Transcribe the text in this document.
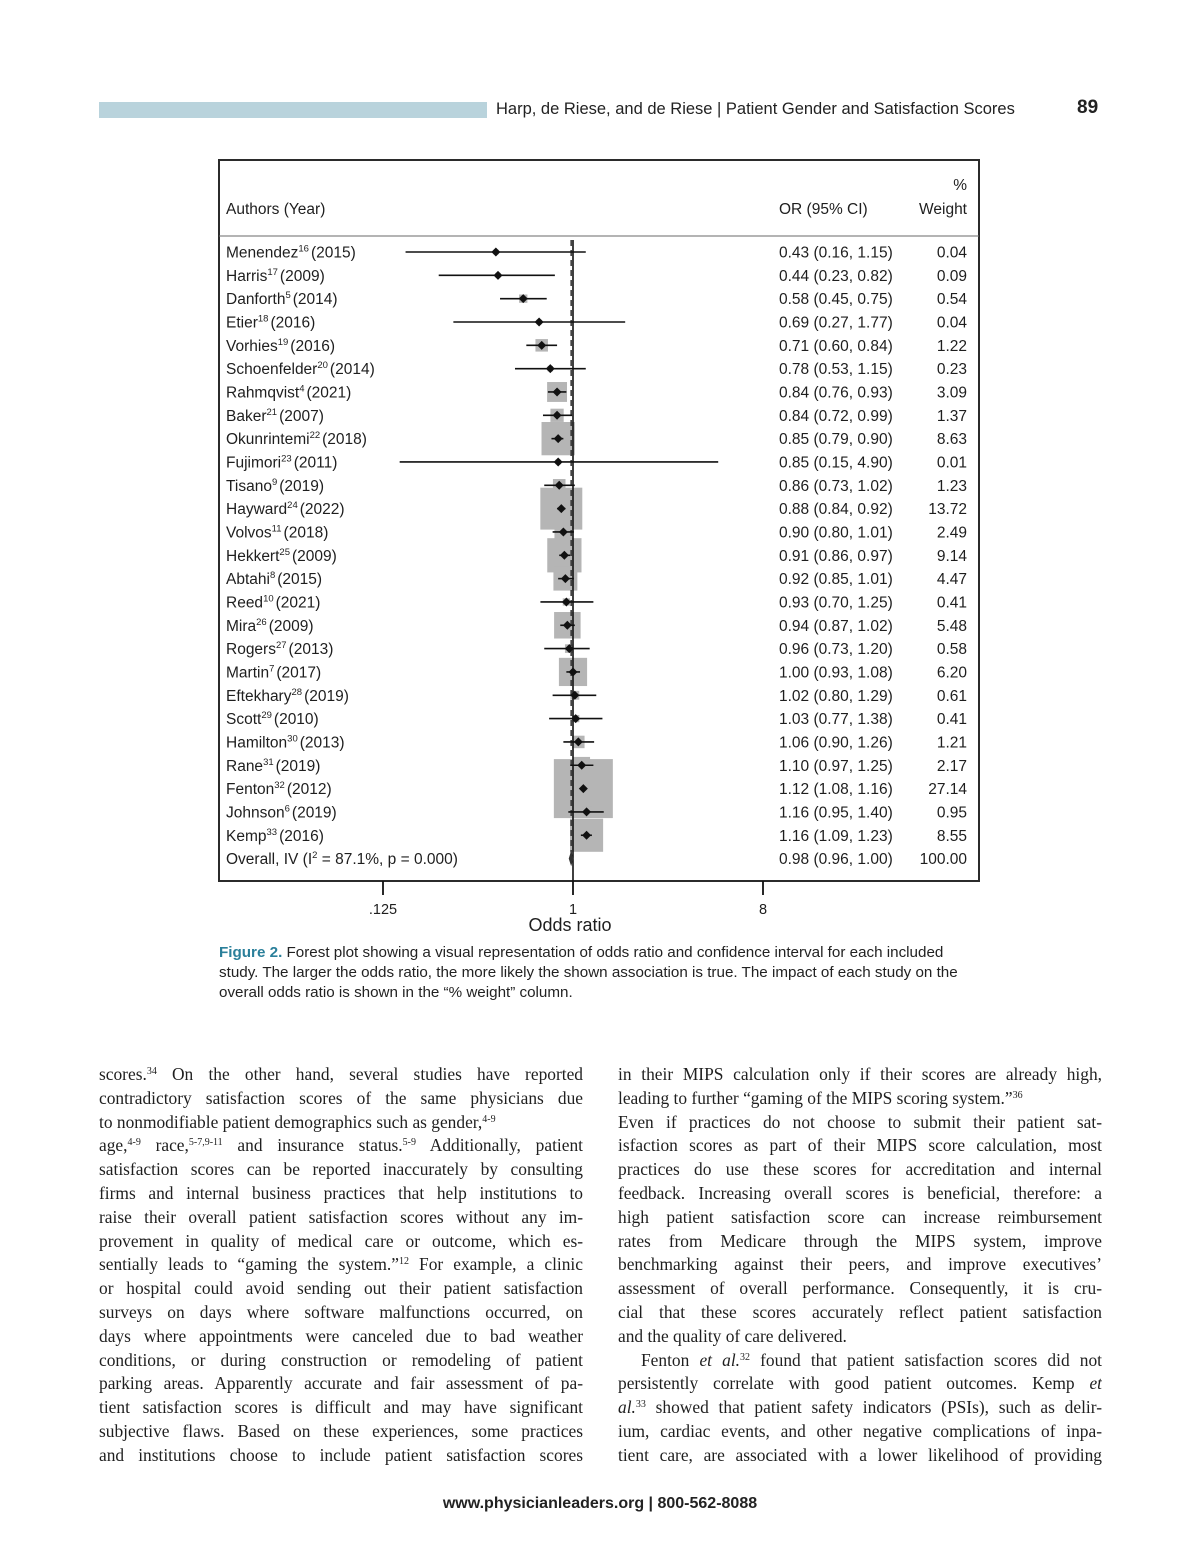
Harp, de Riese, and de Riese | Patient Gender and Satisfaction Scores	89
Authors (Year)	OR (95% CI)
%
Weight
Menendez$^{16}$ (2015)	0.43 (0.16, 1.15)	0.04
Harris$^{17}$ (2009)	0.44 (0.23, 0.82)	0.09
Danforth$^5$ (2014)	0.58 (0.45, 0.75)	0.54
Etier$^{18}$ (2016)	0.69 (0.27, 1.77)	0.04
Vorhies$^{19}$ (2016)	0.71 (0.60, 0.84)	1.22
Schoenfelder$^{20}$ (2014)	0.78 (0.53, 1.15)	0.23
Rahmqvist$^4$ (2021)	0.84 (0.76, 0.93)	3.09
Baker$^{21}$ (2007)	0.84 (0.72, 0.99)	1.37
Okunrintemi$^{22}$ (2018)	0.85 (0.79, 0.90)	8.63
Fujimori$^{23}$ (2011)	0.85 (0.15, 4.90)	0.01
Tisano$^9$ (2019)	0.86 (0.73, 1.02)	1.23
Hayward$^{24}$ (2022)	0.88 (0.84, 0.92) 13.72
Volvos$^{11}$ (2018)	0.90 (0.80, 1.01)	2.49
Hekkert$^{25}$ (2009)	0.91 (0.86, 0.97)	9.14
Abtahi$^8$ (2015)	0.92 (0.85, 1.01)	4.47
Reed$^{10}$ (2021)	0.93 (0.70, 1.25)	0.41
Mira$^{26}$ (2009)	0.94 (0.87, 1.02)	5.48
Rogers$^{27}$ (2013)	0.96 (0.73, 1.20)	0.58
Martin$^7$ (2017)	1.00 (0.93, 1.08)	6.20
Eftekhary$^{28}$ (2019)	1.02 (0.80, 1.29)	0.61
Scott$^{29}$ (2010)	1.03 (0.77, 1.38)	0.41
Hamilton$^{30}$ (2013)	1.06 (0.90, 1.26)	1.21
Rane$^{31}$ (2019)	1.10 (0.97, 1.25)	2.17
Fenton$^{32}$ (2012)	1.12 (1.08, 1.16) 27.14
Johnson$^6$ (2019)	1.16 (0.95, 1.40)	0.95
Kemp$^{33}$ (2016)	1.16 (1.09, 1.23)	8.55
Overall, IV ($I^2 = 87.1\%$, p = 0.000)	0.98 (0.96, 1.00) 100.00
.125	1	8
Odds ratio
Figure 2. Forest plot showing a visual representation of odds ratio and confidence interval for each included study. The larger the odds ratio, the more likely the shown association is true. The impact of each study on the overall odds ratio is shown in the “% weight” column.
scores.$^{34}$ On the other hand, several studies have reported
contradictory satisfaction scores of the same physicians due
to nonmodifiable patient demographics such as gender,$^{4-9}$
age,$^{4-9}$ race,$^{5-7,9-11}$ and insurance status.$^{5-9}$ Additionally, patient
satisfaction scores can be reported inaccurately by consulting
firms and internal business practices that help institutions to
raise their overall patient satisfaction scores without any im-
provement in quality of medical care or outcome, which es-
sentially leads to “gaming the system.”$^{12}$ For example, a clinic
or hospital could avoid sending out their patient satisfaction
surveys on days where software malfunctions occurred, on
days where appointments were canceled due to bad weather
conditions, or during construction or remodeling of patient
parking areas. Apparently accurate and fair assessment of pa-
tient satisfaction scores is difficult and may have significant
subjective flaws. Based on these experiences, some practices
and institutions choose to include patient satisfaction scores
in their MIPS calculation only if their scores are already high,
leading to further “gaming of the MIPS scoring system.”$^{36}$
Even if practices do not choose to submit their patient sat-
isfaction scores as part of their MIPS score calculation, most
practices do use these scores for accreditation and internal
feedback. Increasing overall scores is beneficial, therefore: a
high patient satisfaction score can increase reimbursement
rates from Medicare through the MIPS system, improve
benchmarking against their peers, and improve executives’
assessment of overall performance. Consequently, it is cru-
cial that these scores accurately reflect patient satisfaction
and the quality of care delivered.
Fenton et al.$^{32}$ found that patient satisfaction scores did not
persistently correlate with good patient outcomes. Kemp et
al.$^{33}$ showed that patient safety indicators (PSIs), such as delir-
ium, cardiac events, and other negative complications of inpa-
tient care, are associated with a lower likelihood of providing
www.physicianleaders.org | 800-562-8088
